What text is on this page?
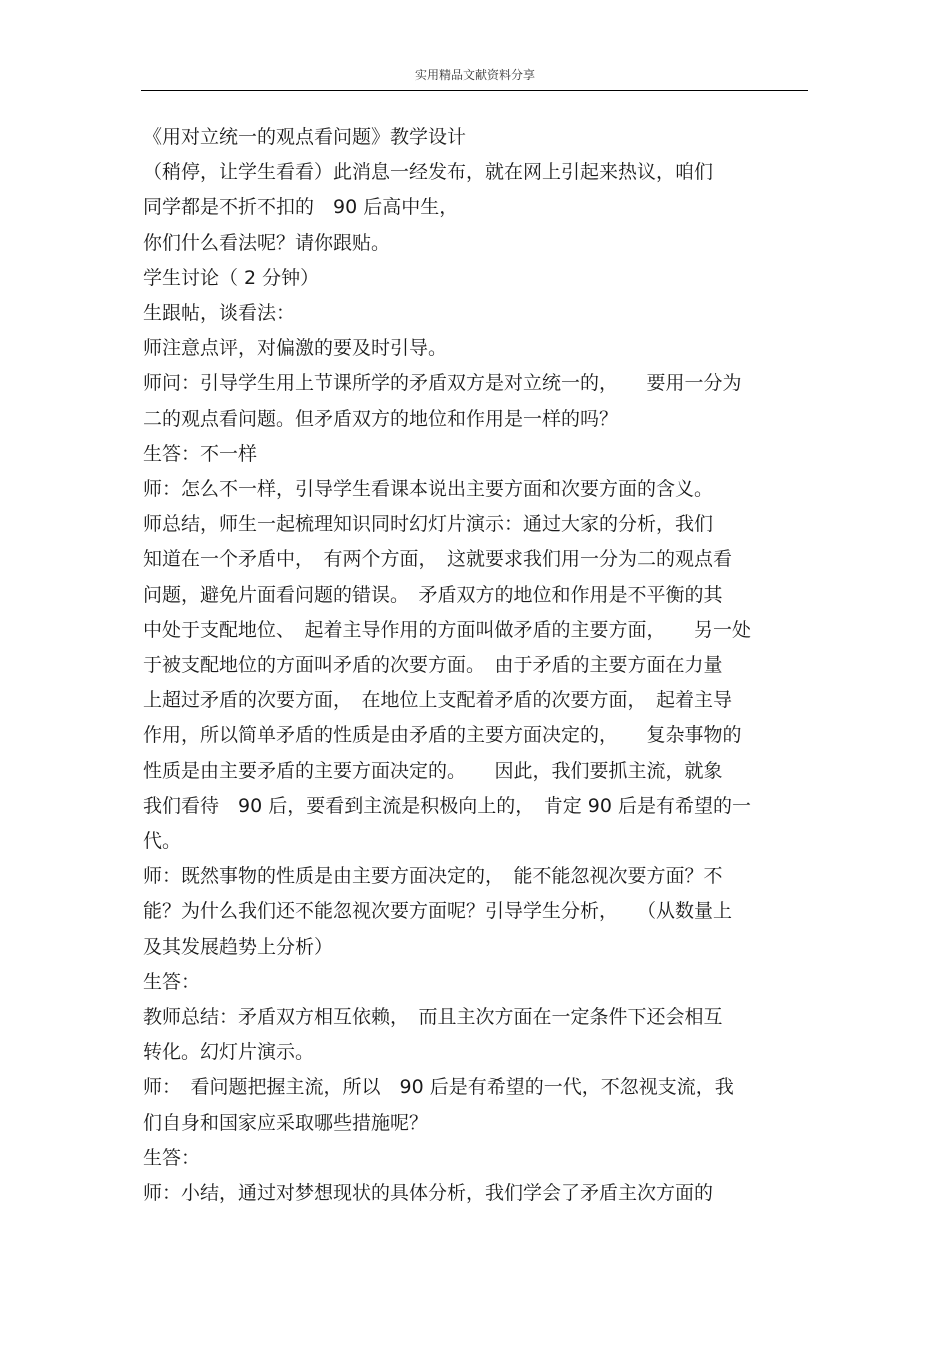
实用精品文献资料分享
《用对立统一的观点看问题》教学设计
（稍停，让学生看看）此消息一经发布，就在网上引起来热议，咱们
同学都是不折不扣的　90 后高中生，
你们什么看法呢？请你跟贴。
学生讨论（ 2 分钟）
生跟帖，谈看法：
师注意点评，对偏激的要及时引导。
师问：引导学生用上节课所学的矛盾双方是对立统一的，　　要用一分为
二的观点看问题。但矛盾双方的地位和作用是一样的吗？
生答：不一样
师：怎么不一样，引导学生看课本说出主要方面和次要方面的含义。
师总结，师生一起梳理知识同时幻灯片演示：通过大家的分析，我们
知道在一个矛盾中，　有两个方面，　这就要求我们用一分为二的观点看
问题，避免片面看问题的错误。　矛盾双方的地位和作用是不平衡的其
中处于支配地位、　起着主导作用的方面叫做矛盾的主要方面，　　另一处
于被支配地位的方面叫矛盾的次要方面。　由于矛盾的主要方面在力量
上超过矛盾的次要方面，　在地位上支配着矛盾的次要方面，　起着主导
作用，所以简单矛盾的性质是由矛盾的主要方面决定的，　　复杂事物的
性质是由主要矛盾的主要方面决定的。　　因此，我们要抓主流，就象
我们看待　90 后，要看到主流是积极向上的，　肯定 90 后是有希望的一
代。
师：既然事物的性质是由主要方面决定的，　能不能忽视次要方面？不
能？为什么我们还不能忽视次要方面呢？引导学生分析，　　（从数量上
及其发展趋势上分析）
生答：
教师总结：矛盾双方相互依赖，　而且主次方面在一定条件下还会相互
转化。幻灯片演示。
师：　看问题把握主流，所以　90 后是有希望的一代，不忽视支流，我
们自身和国家应采取哪些措施呢？
生答：
师：小结，通过对梦想现状的具体分析，我们学会了矛盾主次方面的
